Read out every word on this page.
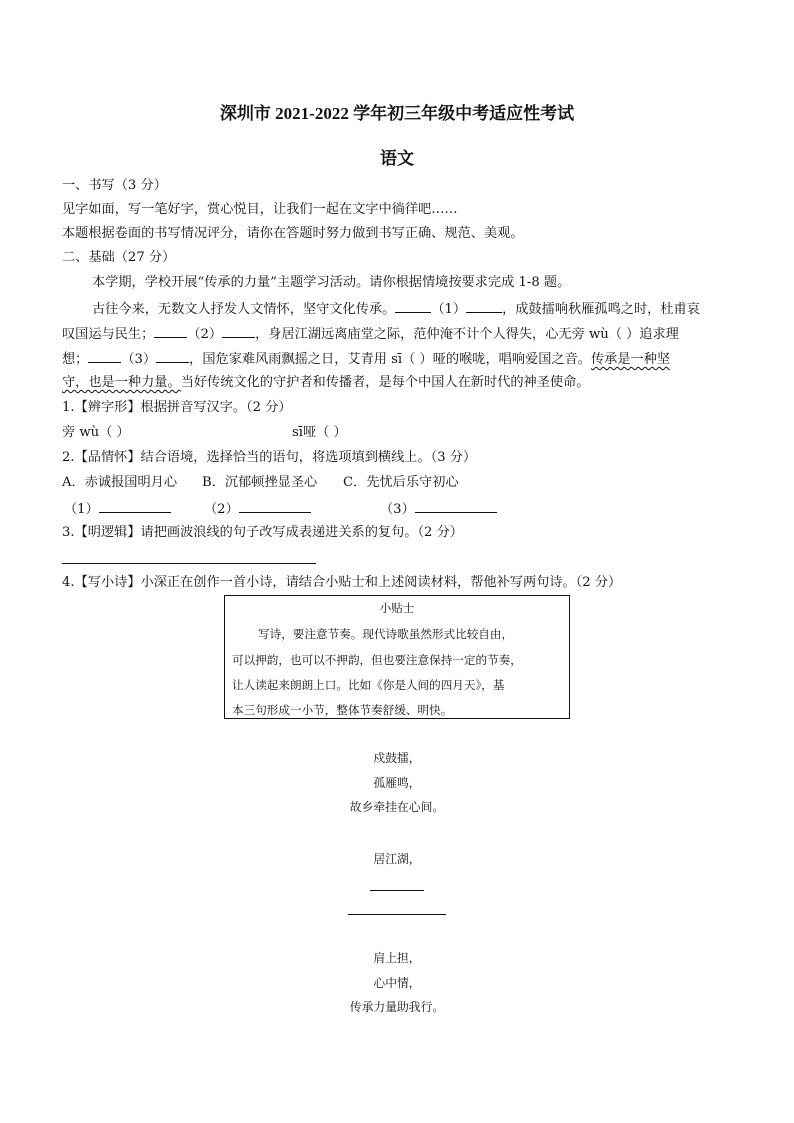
深圳市 2021-2022 学年初三年级中考适应性考试
语文
一、书写（3 分）
见字如面，写一笔好字，赏心悦目，让我们一起在文字中徜徉吧……
本题根据卷面的书写情况评分，请你在答题时努力做到书写正确、规范、美观。
二、基础（27 分）
本学期，学校开展“传承的力量”主题学习活动。请你根据情境按要求完成 1-8 题。
古往今来，无数文人抒发人文情怀，坚守文化传承。	（1）	，成鼓擂响秋雁孤鸣之时，杜甫哀
叹国运与民生；	（2）	，身居江湖远离庙堂之际，范仲淹不计个人得失，心无旁 wù（ ）追求理
想；	（3）	，国危家难风雨飘摇之日，艾青用 sī（ ）哑的喉咙，唱响爱国之音。传承是一种坚
守，也是一种力量。当好传统文化的守护者和传播者，是每个中国人在新时代的神圣使命。
1.【辨字形】根据拼音写汉字。（2 分）
旁 wù（ ）	sī哑（ ）
2.【品情怀】结合语境，选择恰当的语句，将选项填到横线上。（3 分）
A．赤诚报国明月心 B．沉郁顿挫显圣心 C．先忧后乐守初心
（1）	（2）	（3）
3.【明逻辑】请把画波浪线的句子改写成表递进关系的复句。（2 分）
4.【写小诗】小深正在创作一首小诗，请结合小贴士和上述阅读材料，帮他补写两句诗。（2 分）
小贴士
写诗，要注意节奏。现代诗歌虽然形式比较自由，
可以押韵，也可以不押韵，但也要注意保持一定的节奏，
让人读起来朗朗上口。比如《你是人间的四月天》，基
本三句形成一小节，整体节奏舒缓、明快。
戍鼓擂，
孤雁鸣，
故乡牵挂在心间。
居江湖，
肩上担，
心中情，
传承力量助我行。
